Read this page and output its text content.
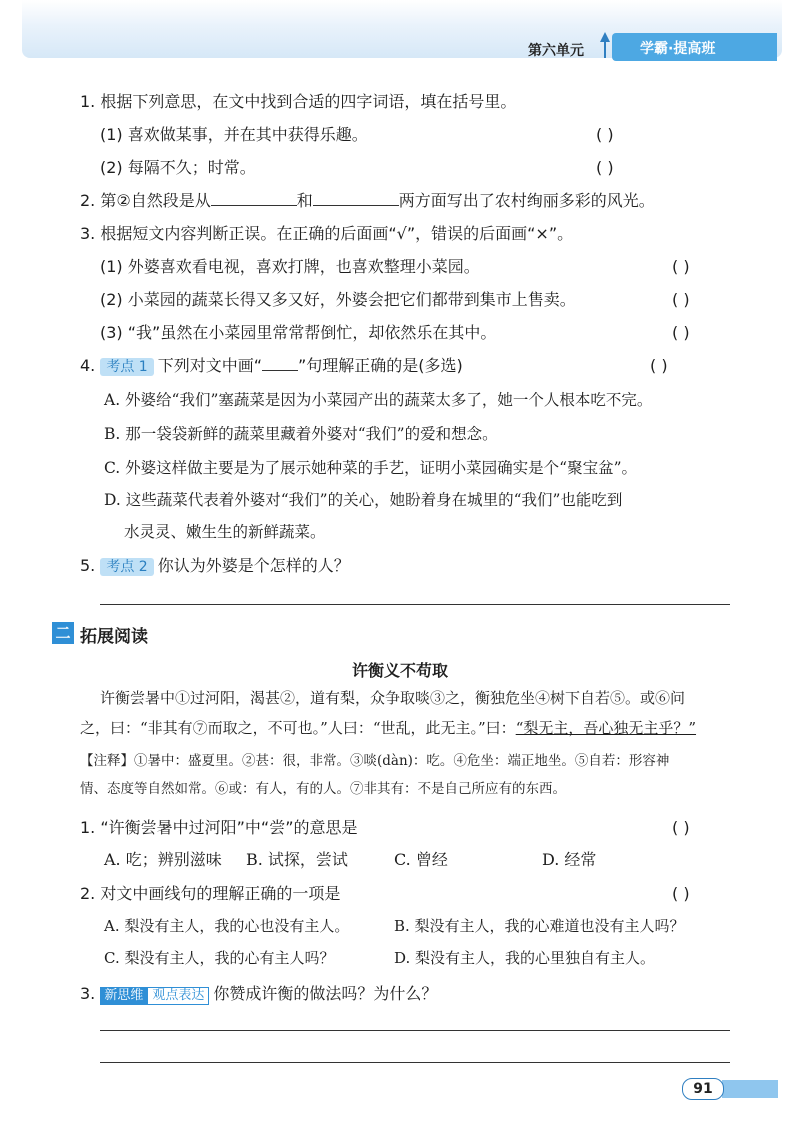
第六单元	学霸·提高班
1. 根据下列意思，在文中找到合适的四字词语，填在括号里。
(1) 喜欢做某事，并在其中获得乐趣。	( )
(2) 每隔不久；时常。	( )
2. 第②自然段是从	和	两方面写出了农村绚丽多彩的风光。
3. 根据短文内容判断正误。在正确的后面画“√”，错误的后面画“×”。
(1) 外婆喜欢看电视，喜欢打牌，也喜欢整理小菜园。	( )
(2) 小菜园的蔬菜长得又多又好，外婆会把它们都带到集市上售卖。	( )
(3) “我”虽然在小菜园里常常帮倒忙，却依然乐在其中。	( )
4. 考点 1 下列对文中画“ ”句理解正确的是(多选)	( )
A. 外婆给“我们”塞蔬菜是因为小菜园产出的蔬菜太多了，她一个人根本吃不完。
B. 那一袋袋新鲜的蔬菜里藏着外婆对“我们”的爱和想念。
C. 外婆这样做主要是为了展示她种菜的手艺，证明小菜园确实是个“聚宝盆”。
D. 这些蔬菜代表着外婆对“我们”的关心，她盼着身在城里的“我们”也能吃到
水灵灵、嫩生生的新鲜蔬菜。
5. 考点 2 你认为外婆是个怎样的人？
二 拓展阅读
许衡义不苟取
许衡尝暑中①过河阳，渴甚②，道有梨，众争取啖③之，衡独危坐④树下自若⑤。或⑥问
之，曰：“非其有⑦而取之，不可也。”人曰：“世乱，此无主。”曰：“梨无主，吾心独无主乎？”
【注释】①暑中：盛夏里。②甚：很，非常。③啖(dàn)：吃。④危坐：端正地坐。⑤自若：形容神
情、态度等自然如常。⑥或：有人，有的人。⑦非其有：不是自己所应有的东西。
1. “许衡尝暑中过河阳”中“尝”的意思是	( )
A. 吃；辨别滋味 B. 试探，尝试	C. 曾经	D. 经常
2. 对文中画线句的理解正确的一项是	( )
A. 梨没有主人，我的心也没有主人。	B. 梨没有主人，我的心难道也没有主人吗？
C. 梨没有主人，我的心有主人吗？	D. 梨没有主人，我的心里独自有主人。
3. 新思维 观点表达 你赞成许衡的做法吗？为什么？
91
